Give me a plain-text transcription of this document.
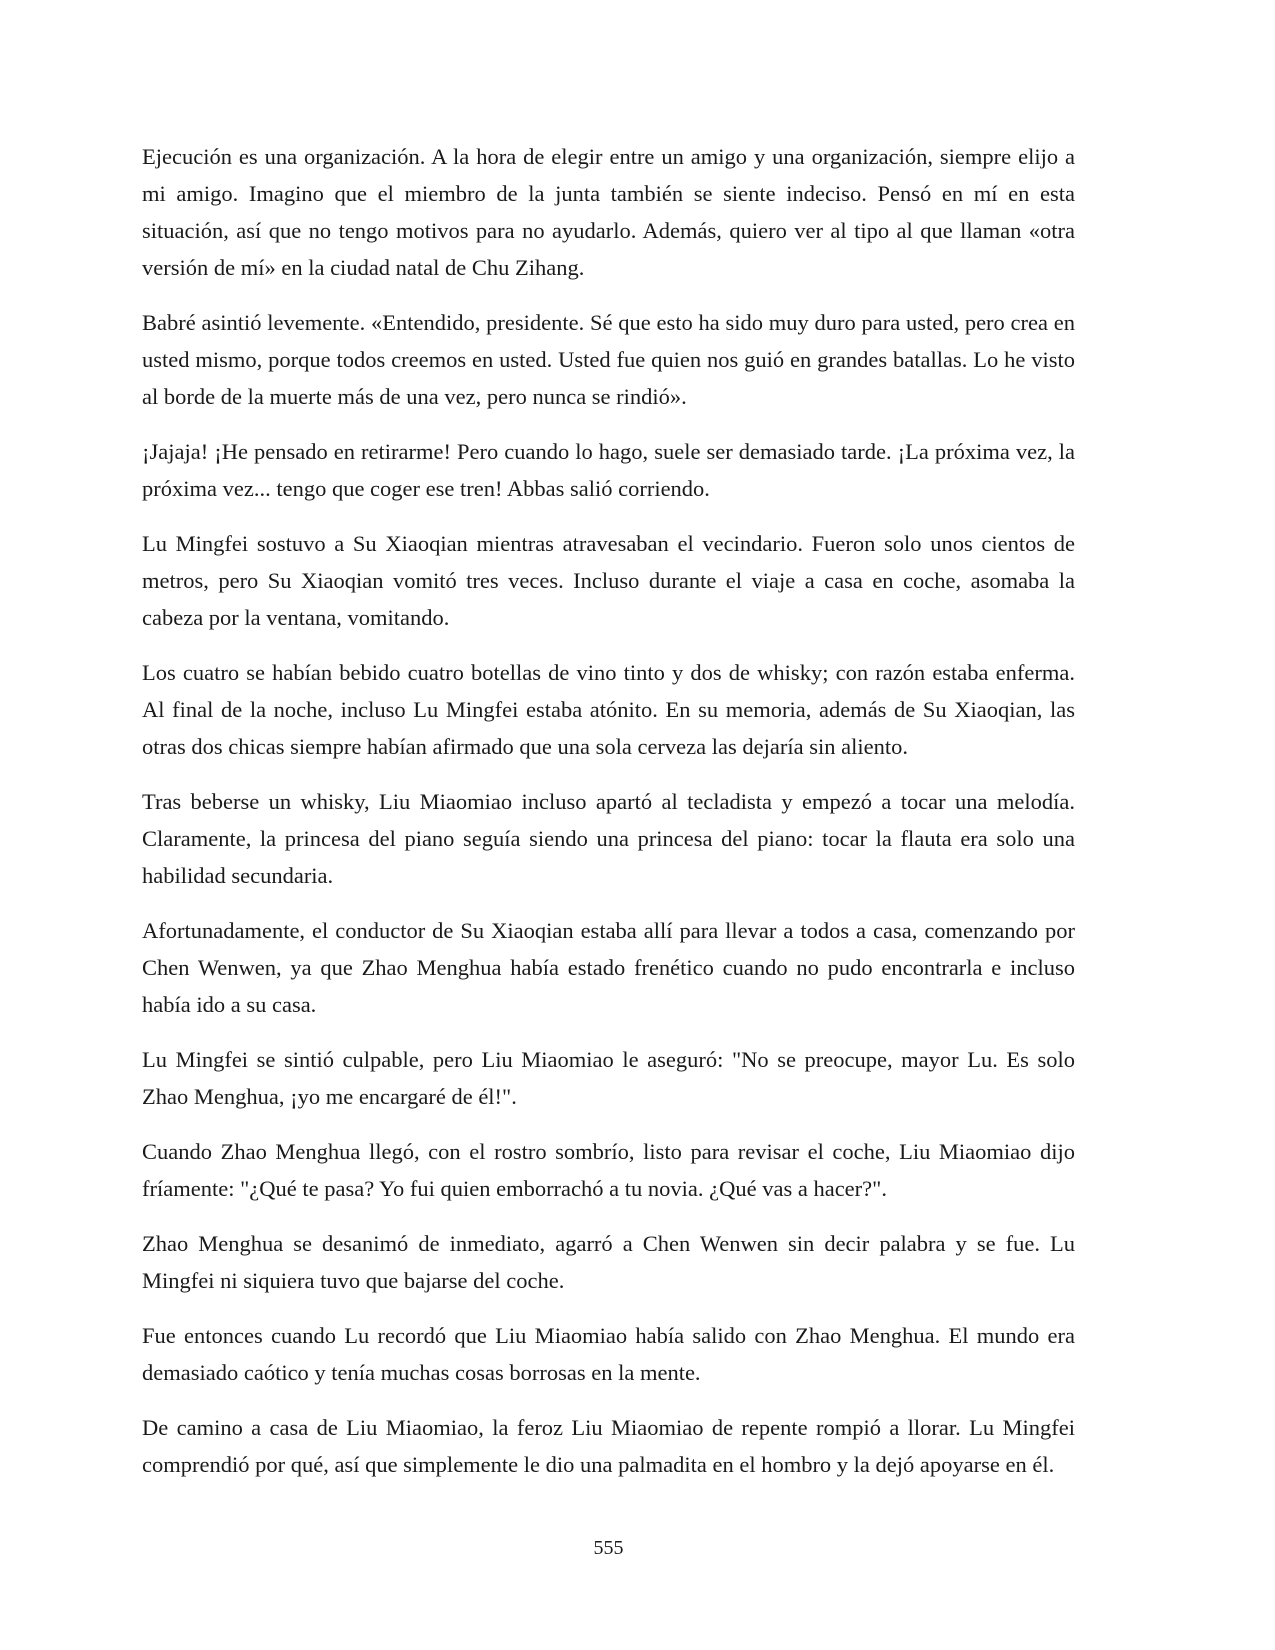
Ejecución es una organización. A la hora de elegir entre un amigo y una organización, siempre elijo a mi amigo. Imagino que el miembro de la junta también se siente indeciso. Pensó en mí en esta situación, así que no tengo motivos para no ayudarlo. Además, quiero ver al tipo al que llaman «otra versión de mí» en la ciudad natal de Chu Zihang.

Babré asintió levemente. «Entendido, presidente. Sé que esto ha sido muy duro para usted, pero crea en usted mismo, porque todos creemos en usted. Usted fue quien nos guió en grandes batallas. Lo he visto al borde de la muerte más de una vez, pero nunca se rindió».

¡Jajaja! ¡He pensado en retirarme! Pero cuando lo hago, suele ser demasiado tarde. ¡La próxima vez, la próxima vez... tengo que coger ese tren! Abbas salió corriendo.

Lu Mingfei sostuvo a Su Xiaoqian mientras atravesaban el vecindario. Fueron solo unos cientos de metros, pero Su Xiaoqian vomitó tres veces. Incluso durante el viaje a casa en coche, asomaba la cabeza por la ventana, vomitando.

Los cuatro se habían bebido cuatro botellas de vino tinto y dos de whisky; con razón estaba enferma. Al final de la noche, incluso Lu Mingfei estaba atónito. En su memoria, además de Su Xiaoqian, las otras dos chicas siempre habían afirmado que una sola cerveza las dejaría sin aliento.

Tras beberse un whisky, Liu Miaomiao incluso apartó al tecladista y empezó a tocar una melodía. Claramente, la princesa del piano seguía siendo una princesa del piano: tocar la flauta era solo una habilidad secundaria.

Afortunadamente, el conductor de Su Xiaoqian estaba allí para llevar a todos a casa, comenzando por Chen Wenwen, ya que Zhao Menghua había estado frenético cuando no pudo encontrarla e incluso había ido a su casa.

Lu Mingfei se sintió culpable, pero Liu Miaomiao le aseguró: "No se preocupe, mayor Lu. Es solo Zhao Menghua, ¡yo me encargaré de él!".

Cuando Zhao Menghua llegó, con el rostro sombrío, listo para revisar el coche, Liu Miaomiao dijo fríamente: "¿Qué te pasa? Yo fui quien emborrachó a tu novia. ¿Qué vas a hacer?".

Zhao Menghua se desanimó de inmediato, agarró a Chen Wenwen sin decir palabra y se fue. Lu Mingfei ni siquiera tuvo que bajarse del coche.

Fue entonces cuando Lu recordó que Liu Miaomiao había salido con Zhao Menghua. El mundo era demasiado caótico y tenía muchas cosas borrosas en la mente.

De camino a casa de Liu Miaomiao, la feroz Liu Miaomiao de repente rompió a llorar. Lu Mingfei comprendió por qué, así que simplemente le dio una palmadita en el hombro y la dejó apoyarse en él.

555
